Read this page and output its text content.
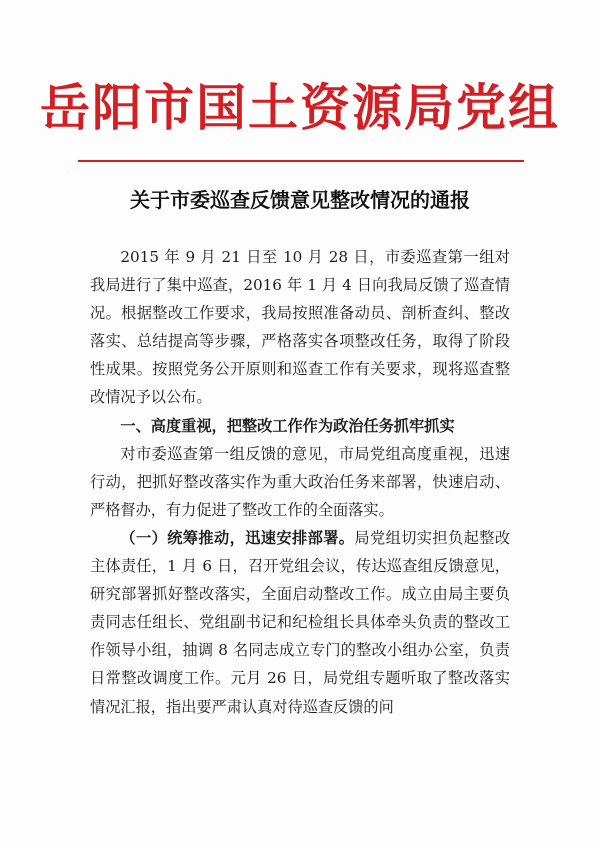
岳阳市国土资源局党组
关于市委巡查反馈意见整改情况的通报

2015 年 9 月 21 日至 10 月 28 日，市委巡查第一组对我局进行了集中巡查，2016 年 1 月 4 日向我局反馈了巡查情况。根据整改工作要求，我局按照准备动员、剖析查纠、整改落实、总结提高等步骤，严格落实各项整改任务，取得了阶段性成果。按照党务公开原则和巡查工作有关要求，现将巡查整改情况予以公布。

一、高度重视，把整改工作作为政治任务抓牢抓实

对市委巡查第一组反馈的意见，市局党组高度重视，迅速行动，把抓好整改落实作为重大政治任务来部署，快速启动、严格督办，有力促进了整改工作的全面落实。

（一）统筹推动，迅速安排部署。局党组切实担负起整改主体责任，1 月 6 日，召开党组会议，传达巡查组反馈意见，研究部署抓好整改落实，全面启动整改工作。成立由局主要负责同志任组长、党组副书记和纪检组长具体牵头负责的整改工作领导小组，抽调 8 名同志成立专门的整改小组办公室，负责日常整改调度工作。元月 26 日，局党组专题听取了整改落实情况汇报，指出要严肃认真对待巡查反馈的问
